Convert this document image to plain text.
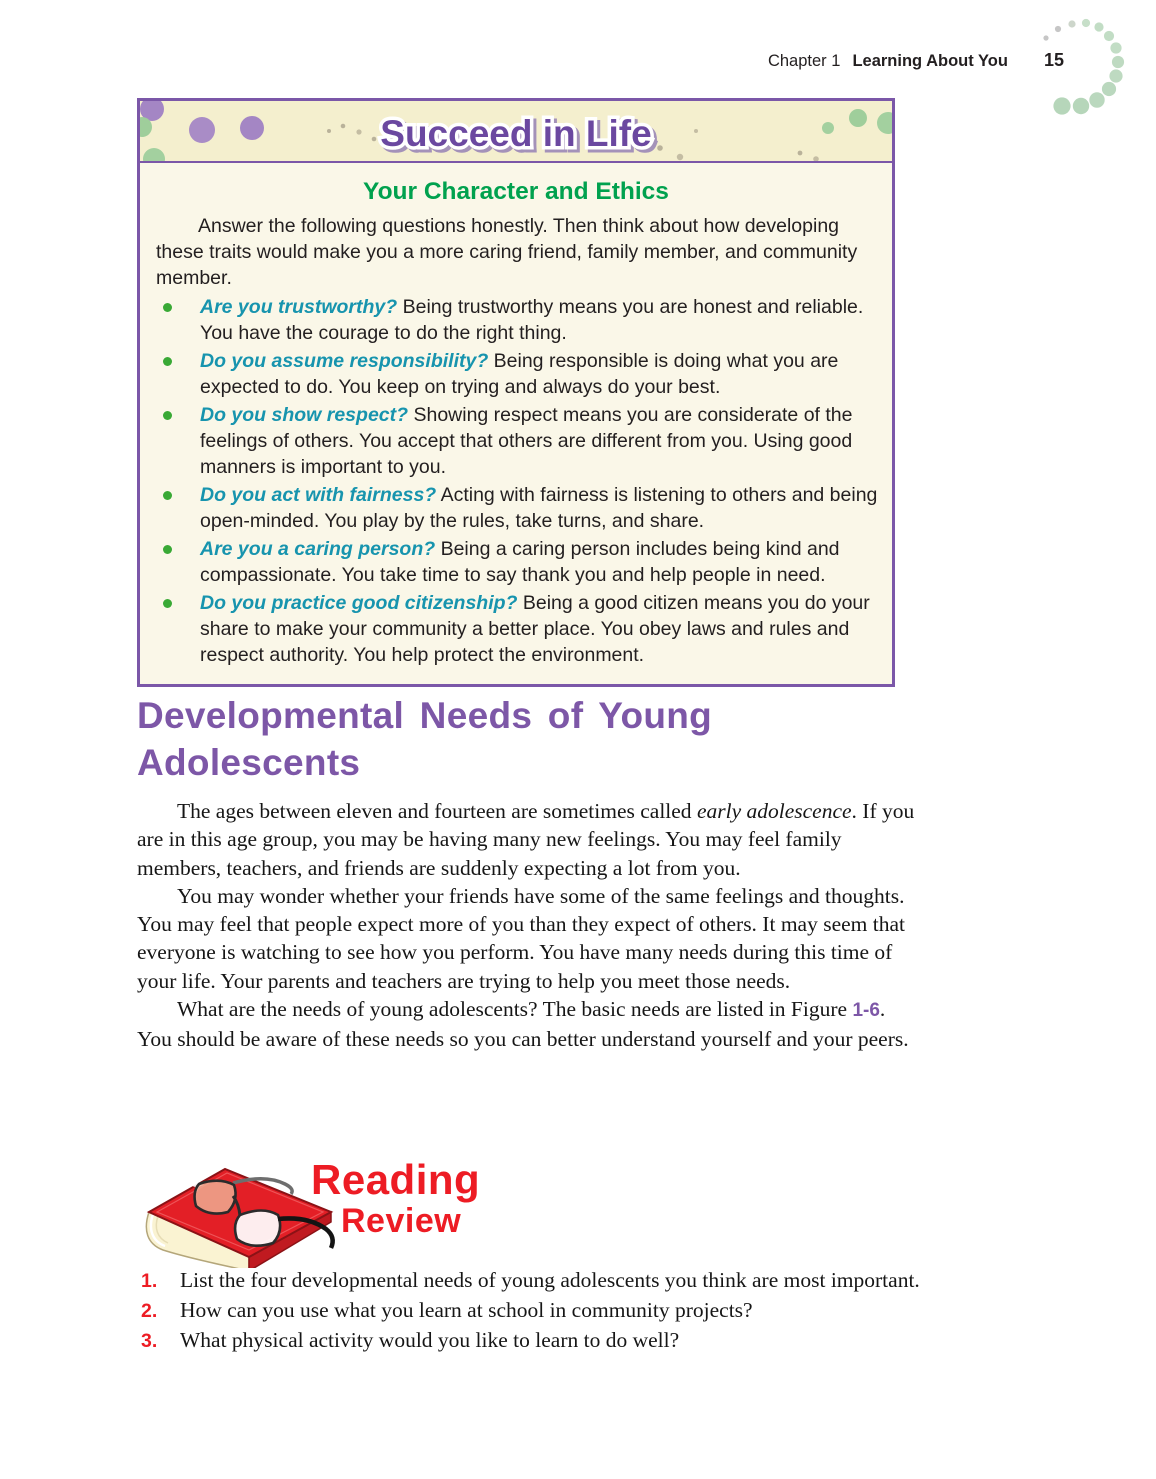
Chapter 1 Learning About You 15
Succeed in Life
Your Character and Ethics

Answer the following questions honestly. Then think about how developing these traits would make you a more caring friend, family member, and community member.

Are you trustworthy? Being trustworthy means you are honest and reliable. You have the courage to do the right thing.
Do you assume responsibility? Being responsible is doing what you are expected to do. You keep on trying and always do your best.
Do you show respect? Showing respect means you are considerate of the feelings of others. You accept that others are different from you. Using good manners is important to you.
Do you act with fairness? Acting with fairness is listening to others and being open-minded. You play by the rules, take turns, and share.
Are you a caring person? Being a caring person includes being kind and compassionate. You take time to say thank you and help people in need.
Do you practice good citizenship? Being a good citizen means you do your share to make your community a better place. You obey laws and rules and respect authority. You help protect the environment.
Developmental Needs of Young Adolescents

The ages between eleven and fourteen are sometimes called early adolescence. If you are in this age group, you may be having many new feelings. You may feel family members, teachers, and friends are suddenly expecting a lot from you.

You may wonder whether your friends have some of the same feelings and thoughts. You may feel that people expect more of you than they expect of others. It may seem that everyone is watching to see how you perform. You have many needs during this time of your life. Your parents and teachers are trying to help you meet those needs.

What are the needs of young adolescents? The basic needs are listed in Figure 1-6. You should be aware of these needs so you can better understand yourself and your peers.

Reading
Review
1. List the four developmental needs of young adolescents you think are most important.
2. How can you use what you learn at school in community projects?
3. What physical activity would you like to learn to do well?
